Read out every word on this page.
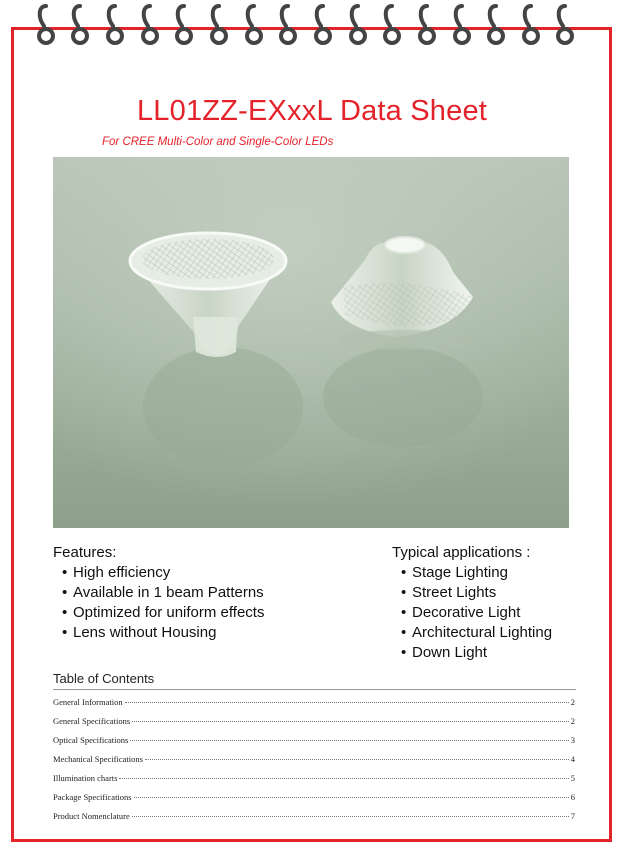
LL01ZZ-EXxxL Data Sheet
For CREE Multi-Color and Single-Color LEDs
Features:
• High efficiency
• Available in 1 beam Patterns
• Optimized for uniform effects
• Lens without Housing
Typical applications :
• Stage Lighting
• Street Lights
• Decorative Light
• Architectural Lighting
• Down Light
Table of Contents
General Information	2
General Specifications	2
Optical Specifications	3
Mechanical Specifications	4
Illumination charts	5
Package Specifications	6
Product Nomenclature	7
